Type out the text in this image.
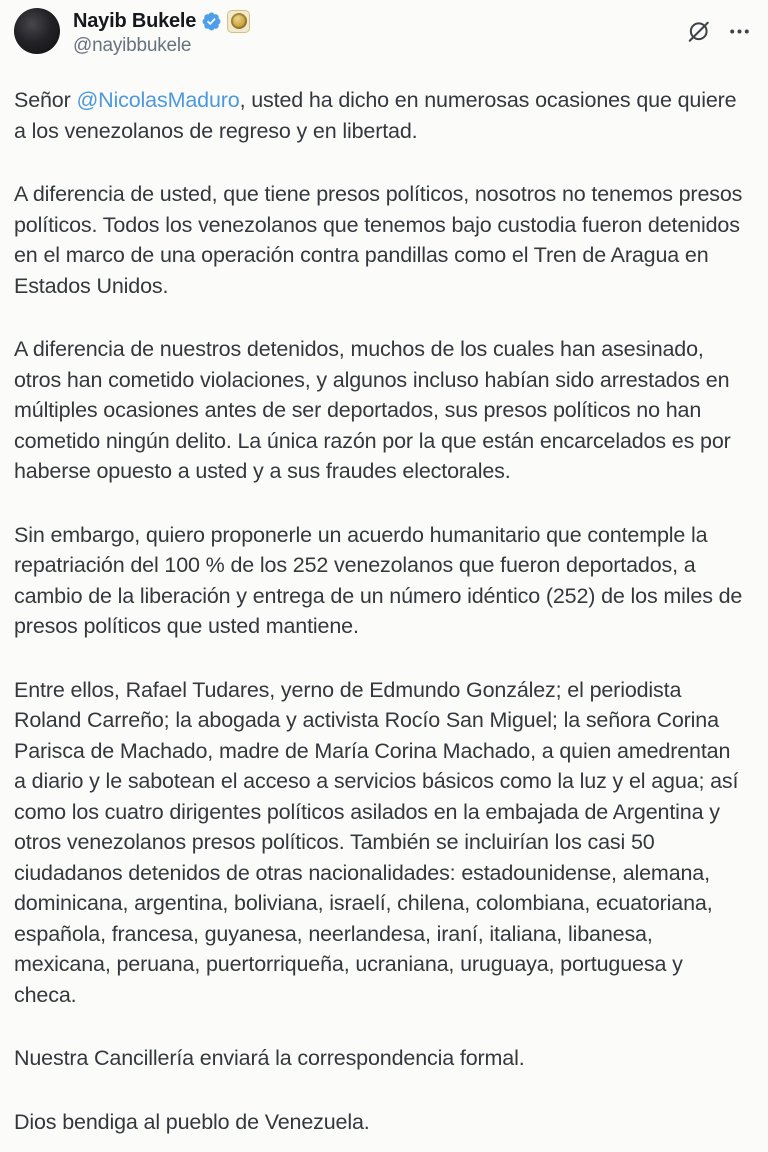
Nayib Bukele
@nayibbukele

Señor @NicolasMaduro, usted ha dicho en numerosas ocasiones que quiere a los venezolanos de regreso y en libertad.

A diferencia de usted, que tiene presos políticos, nosotros no tenemos presos políticos. Todos los venezolanos que tenemos bajo custodia fueron detenidos en el marco de una operación contra pandillas como el Tren de Aragua en Estados Unidos.

A diferencia de nuestros detenidos, muchos de los cuales han asesinado, otros han cometido violaciones, y algunos incluso habían sido arrestados en múltiples ocasiones antes de ser deportados, sus presos políticos no han cometido ningún delito. La única razón por la que están encarcelados es por haberse opuesto a usted y a sus fraudes electorales.

Sin embargo, quiero proponerle un acuerdo humanitario que contemple la repatriación del 100 % de los 252 venezolanos que fueron deportados, a cambio de la liberación y entrega de un número idéntico (252) de los miles de presos políticos que usted mantiene.

Entre ellos, Rafael Tudares, yerno de Edmundo González; el periodista Roland Carreño; la abogada y activista Rocío San Miguel; la señora Corina Parisca de Machado, madre de María Corina Machado, a quien amedrentan a diario y le sabotean el acceso a servicios básicos como la luz y el agua; así como los cuatro dirigentes políticos asilados en la embajada de Argentina y otros venezolanos presos políticos. También se incluirían los casi 50 ciudadanos detenidos de otras nacionalidades: estadounidense, alemana, dominicana, argentina, boliviana, israelí, chilena, colombiana, ecuatoriana, española, francesa, guyanesa, neerlandesa, iraní, italiana, libanesa, mexicana, peruana, puertorriqueña, ucraniana, uruguaya, portuguesa y checa.

Nuestra Cancillería enviará la correspondencia formal.

Dios bendiga al pueblo de Venezuela.
